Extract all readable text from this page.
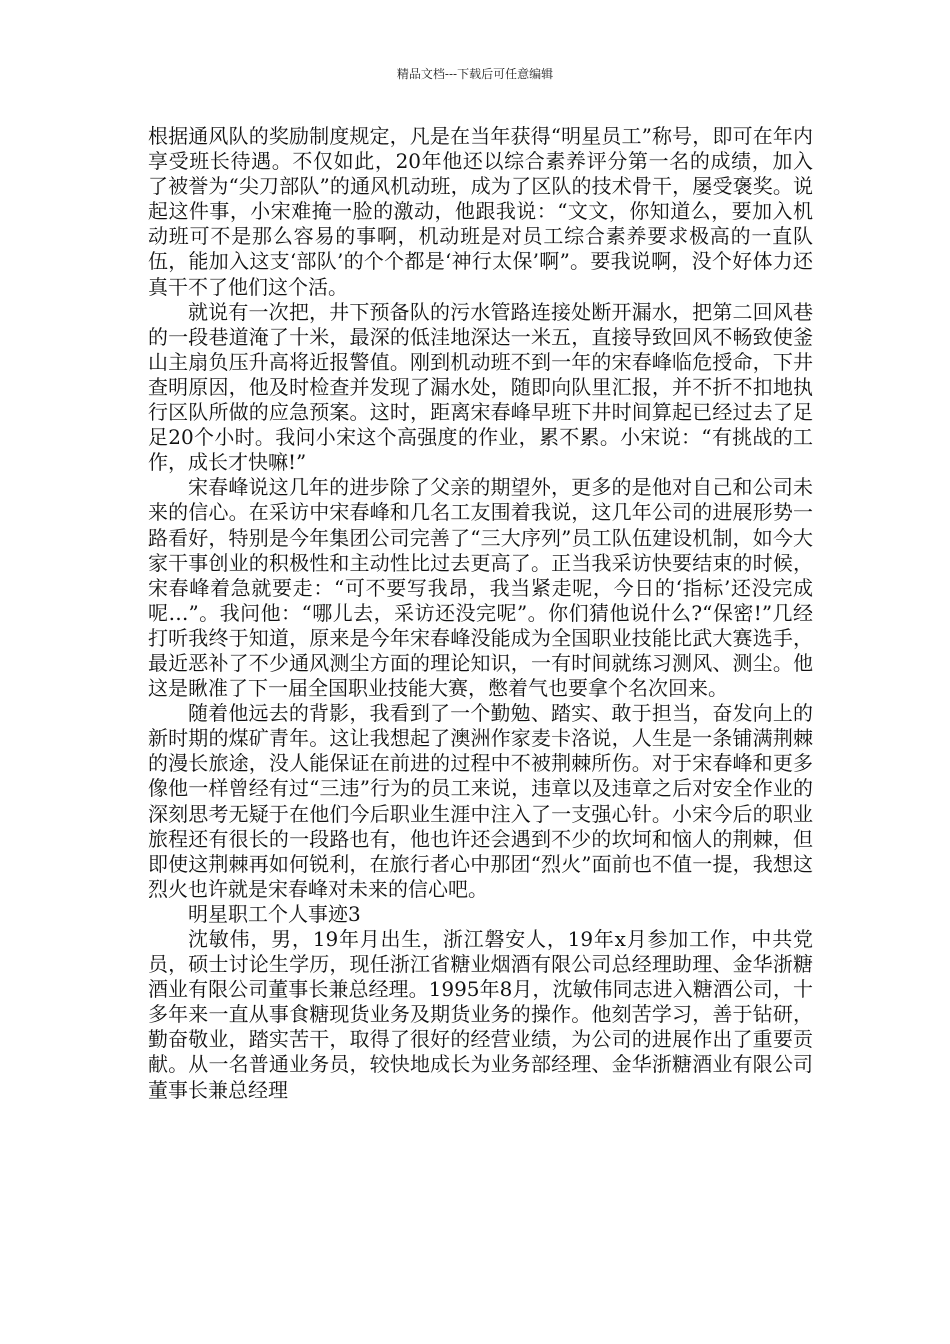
精品文档---下载后可任意编辑

根据通风队的奖励制度规定，凡是在当年获得“明星员工”称号，即可在年内享受班长待遇。不仅如此，20年他还以综合素养评分第一名的成绩，加入了被誉为“尖刀部队”的通风机动班，成为了区队的技术骨干，屡受褒奖。说起这件事，小宋难掩一脸的激动，他跟我说：“文文，你知道么，要加入机动班可不是那么容易的事啊，机动班是对员工综合素养要求极高的一直队伍，能加入这支‘部队’的个个都是‘神行太保’啊”。要我说啊，没个好体力还真干不了他们这个活。

就说有一次把，井下预备队的污水管路连接处断开漏水，把第二回风巷的一段巷道淹了十米，最深的低洼地深达一米五，直接导致回风不畅致使釜山主扇负压升高将近报警值。刚到机动班不到一年的宋春峰临危授命，下井查明原因，他及时检查并发现了漏水处，随即向队里汇报，并不折不扣地执行区队所做的应急预案。这时，距离宋春峰早班下井时间算起已经过去了足足20个小时。我问小宋这个高强度的作业，累不累。小宋说：“有挑战的工作，成长才快嘛!”

宋春峰说这几年的进步除了父亲的期望外，更多的是他对自己和公司未来的信心。在采访中宋春峰和几名工友围着我说，这几年公司的进展形势一路看好，特别是今年集团公司完善了“三大序列”员工队伍建设机制，如今大家干事创业的积极性和主动性比过去更高了。正当我采访快要结束的时候，宋春峰着急就要走：“可不要写我昂，我当紧走呢，今日的‘指标’还没完成呢…”。我问他：“哪儿去，采访还没完呢”。你们猜他说什么?“保密!”几经打听我终于知道，原来是今年宋春峰没能成为全国职业技能比武大赛选手，最近恶补了不少通风测尘方面的理论知识，一有时间就练习测风、测尘。他这是瞅准了下一届全国职业技能大赛，憋着气也要拿个名次回来。

随着他远去的背影，我看到了一个勤勉、踏实、敢于担当，奋发向上的新时期的煤矿青年。这让我想起了澳洲作家麦卡洛说，人生是一条铺满荆棘的漫长旅途，没人能保证在前进的过程中不被荆棘所伤。对于宋春峰和更多像他一样曾经有过“三违”行为的员工来说，违章以及违章之后对安全作业的深刻思考无疑于在他们今后职业生涯中注入了一支强心针。小宋今后的职业旅程还有很长的一段路也有，他也许还会遇到不少的坎坷和恼人的荆棘，但即使这荆棘再如何锐利，在旅行者心中那团“烈火”面前也不值一提，我想这烈火也许就是宋春峰对未来的信心吧。

明星职工个人事迹3

沈敏伟，男，19年月出生，浙江磐安人，19年x月参加工作，中共党员，硕士讨论生学历，现任浙江省糖业烟酒有限公司总经理助理、金华浙糖酒业有限公司董事长兼总经理。1995年8月，沈敏伟同志进入糖酒公司，十多年来一直从事食糖现货业务及期货业务的操作。他刻苦学习，善于钻研，勤奋敬业，踏实苦干，取得了很好的经营业绩，为公司的进展作出了重要贡献。从一名普通业务员，较快地成长为业务部经理、金华浙糖酒业有限公司董事长兼总经理
